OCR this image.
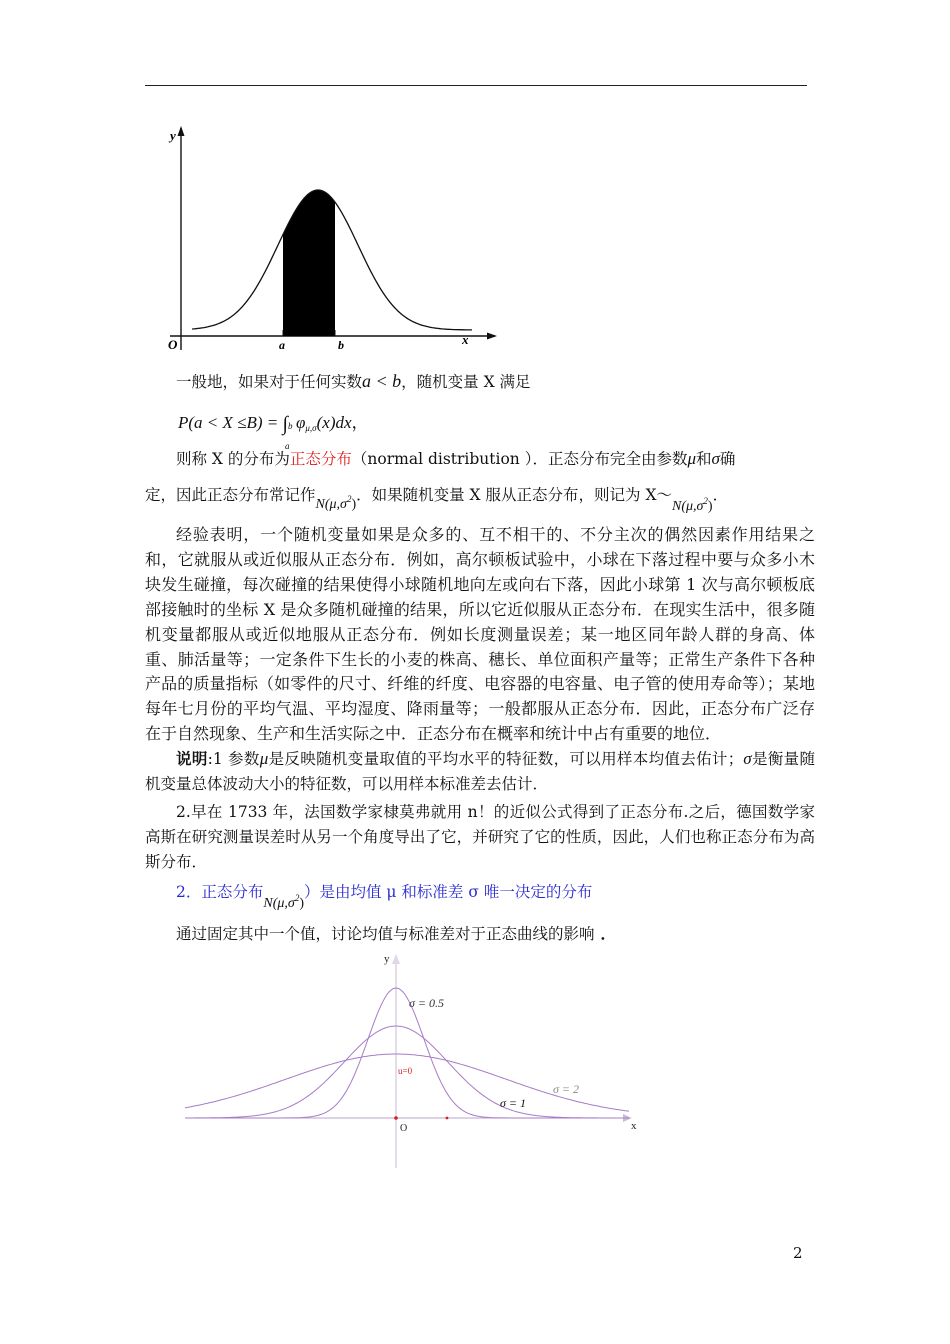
y
O	a	b	x
一般地，如果对于任何实数a < b，随机变量 X 满足
P(a < X ≤B) = ∫ b
a
$\varphi_{\mu,\sigma}(x)dx$，
则称 X 的分布为正态分布（normal distribution ）．正态分布完全由参数μ和σ确
定，因此正态分布常记作$N(\mu,\sigma^2)$．如果随机变量 X 服从正态分布，则记为 $X\sim N(\mu,\sigma^2)$．
经验表明，一个随机变量如果是众多的、互不相干的、不分主次的偶然因素作用结果之和，它就服从或近似服从正态分布．例如，高尔顿板试验中，小球在下落过程中要与众多小木块发生碰撞，每次碰撞的结果使得小球随机地向左或向右下落，因此小球第 1 次与高尔顿板底部接触时的坐标 X 是众多随机碰撞的结果，所以它近似服从正态分布．在现实生活中，很多随机变量都服从或近似地服从正态分布．例如长度测量误差；某一地区同年龄人群的身高、体重、肺活量等；一定条件下生长的小麦的株高、穗长、单位面积产量等；正常生产条件下各种产品的质量指标（如零件的尺寸、纤维的纤度、电容器的电容量、电子管的使用寿命等）；某地每年七月份的平均气温、平均湿度、降雨量等；一般都服从正态分布．因此，正态分布广泛存在于自然现象、生产和生活实际之中．正态分布在概率和统计中占有重要的地位．
说明:1 参数μ是反映随机变量取值的平均水平的特征数，可以用样本均值去佑计；σ是衡量随机变量总体波动大小的特征数，可以用样本标准差去估计．
2.早在 1733 年，法国数学家棣莫弗就用 n！的近似公式得到了正态分布.之后，德国数学家高斯在研究测量误差时从另一个角度导出了它，并研究了它的性质，因此，人们也称正态分布为高斯分布．
2．正态分布$N(\mu,\sigma^2)$）是由均值 μ 和标准差 σ 唯一决定的分布
通过固定其中一个值，讨论均值与标准差对于正态曲线的影响 ．
y
O	x
σ = 0.5
σ = 1
σ = 2
u=0
2
